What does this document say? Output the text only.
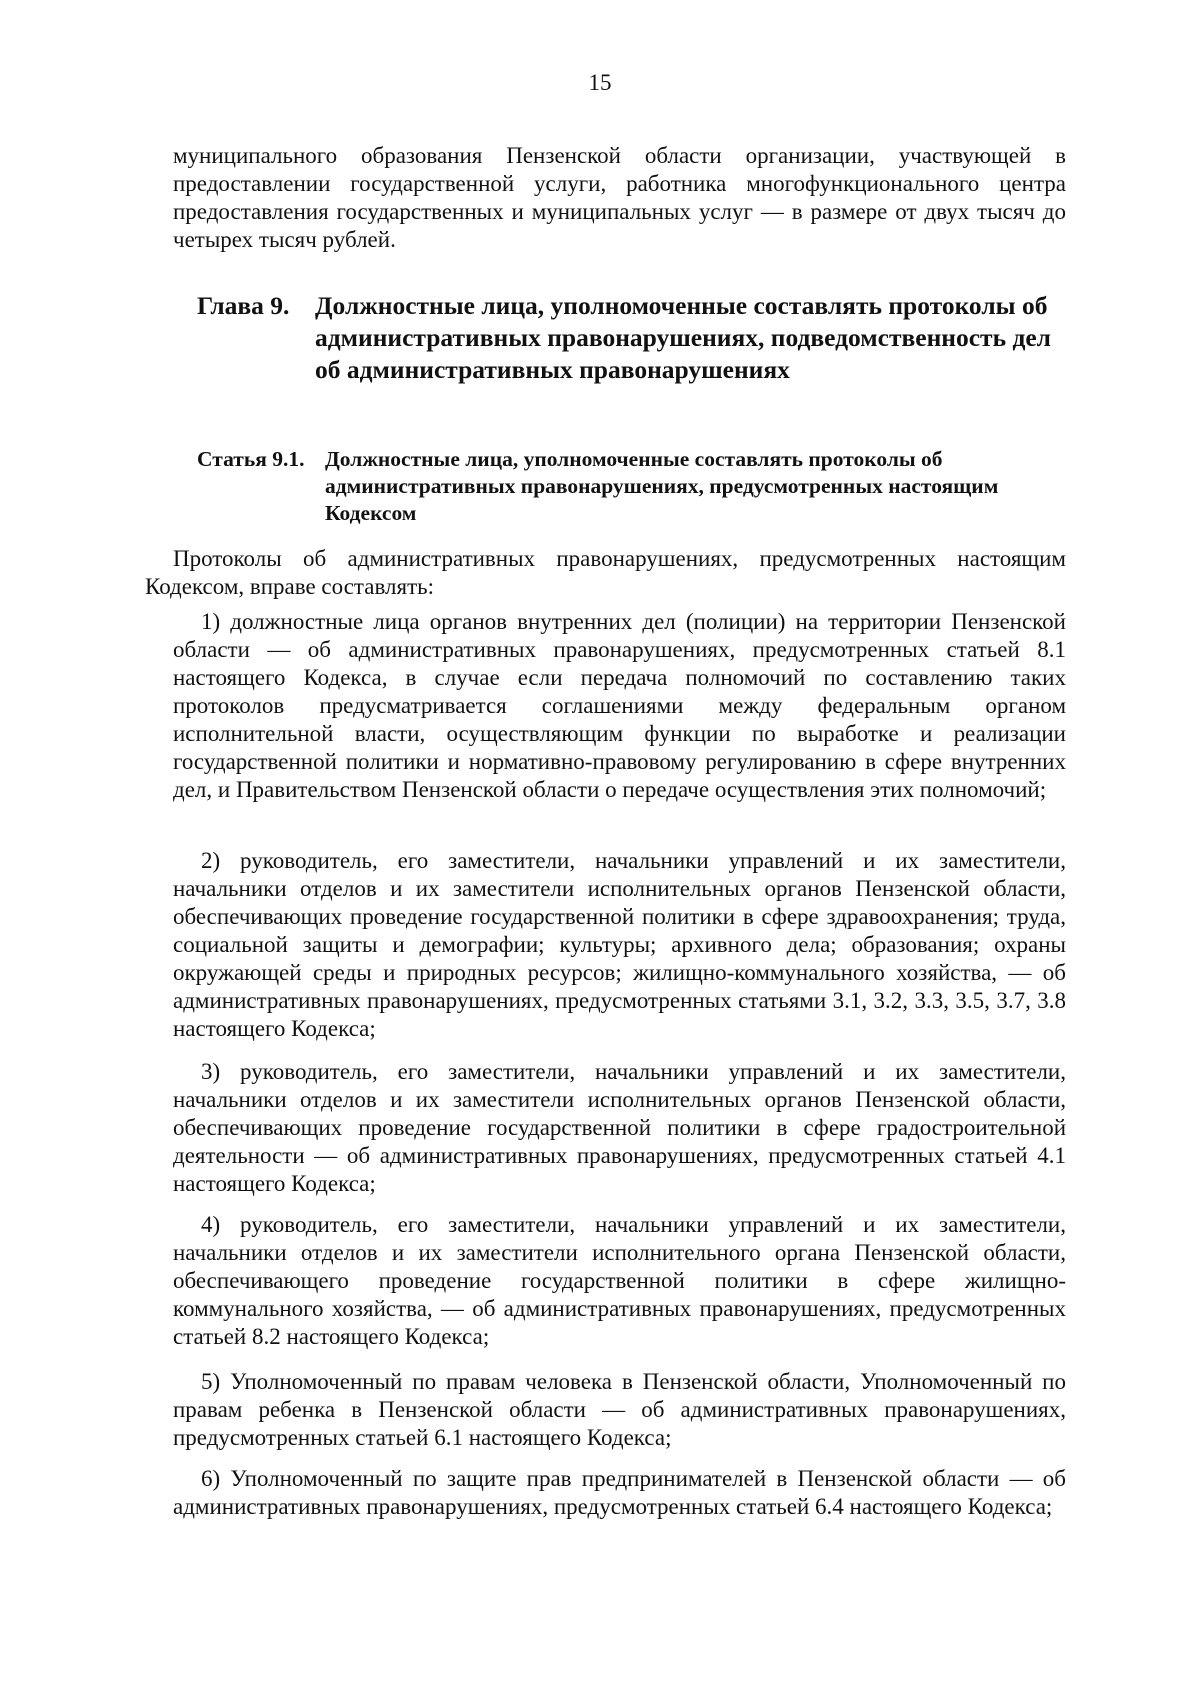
15

муниципального образования Пензенской области организации, участвующей в предоставлении государственной услуги, работника многофункционального центра предоставления государственных и муниципальных услуг — в размере от двух тысяч до четырех тысяч рублей.

Глава 9. Должностные лица, уполномоченные составлять протоколы об административных правонарушениях, подведомственность дел об административных правонарушениях
Статья 9.1. Должностные лица, уполномоченные составлять протоколы об административных правонарушениях, предусмотренных настоящим Кодексом

Протоколы об административных правонарушениях, предусмотренных настоящим Кодексом, вправе составлять:

1) должностные лица органов внутренних дел (полиции) на территории Пензенской области — об административных правонарушениях, предусмотренных статьей 8.1 настоящего Кодекса, в случае если передача полномочий по составлению таких протоколов предусматривается соглашениями между федеральным органом исполнительной власти, осуществляющим функции по выработке и реализации государственной политики и нормативно-правовому регулированию в сфере внутренних дел, и Правительством Пензенской области о передаче осуществления этих полномочий;

2) руководитель, его заместители, начальники управлений и их заместители, начальники отделов и их заместители исполнительных органов Пензенской области, обеспечивающих проведение государственной политики в сфере здравоохранения; труда, социальной защиты и демографии; культуры; архивного дела; образования; охраны окружающей среды и природных ресурсов; жилищно-коммунального хозяйства, — об административных правонарушениях, предусмотренных статьями 3.1, 3.2, 3.3, 3.5, 3.7, 3.8 настоящего Кодекса;

3) руководитель, его заместители, начальники управлений и их заместители, начальники отделов и их заместители исполнительных органов Пензенской области, обеспечивающих проведение государственной политики в сфере градостроительной деятельности — об административных правонарушениях, предусмотренных статьей 4.1 настоящего Кодекса;

4) руководитель, его заместители, начальники управлений и их заместители, начальники отделов и их заместители исполнительного органа Пензенской области, обеспечивающего проведение государственной политики в сфере жилищно-коммунального хозяйства, — об административных правонарушениях, предусмотренных статьей 8.2 настоящего Кодекса;

5) Уполномоченный по правам человека в Пензенской области, Уполномоченный по правам ребенка в Пензенской области — об административных правонарушениях, предусмотренных статьей 6.1 настоящего Кодекса;

6) Уполномоченный по защите прав предпринимателей в Пензенской области — об административных правонарушениях, предусмотренных статьей 6.4 настоящего Кодекса;
